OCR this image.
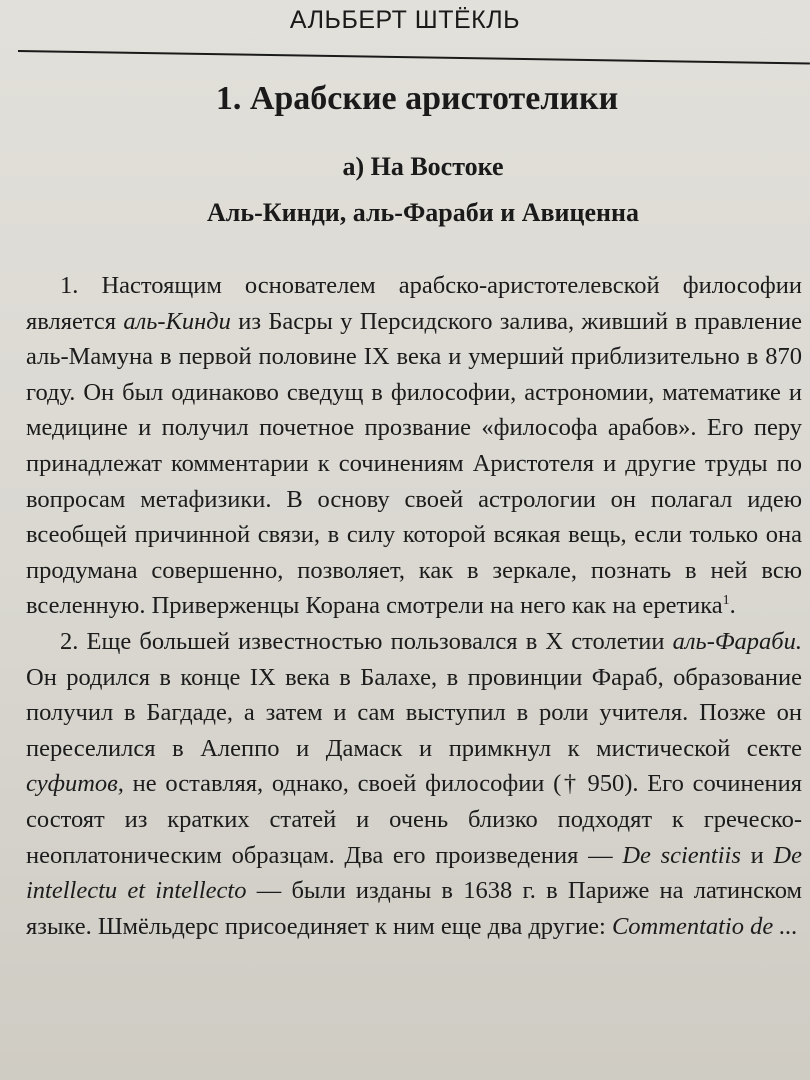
АЛЬБЕРТ ШТЁКЛЬ
1. Арабские аристотелики
а) На Востоке
Аль-Кинди, аль-Фараби и Авиценна

1. Настоящим основателем арабско-аристотелевской философии является аль-Кинди из Басры у Персидского залива, живший в правление аль-Мамуна в первой половине IX века и умерший приблизительно в 870 году. Он был одинаково сведущ в философии, астрономии, математике и медицине и получил почетное прозвание «философа арабов». Его перу принадлежат комментарии к сочинениям Аристотеля и другие труды по вопросам метафизики. В основу своей астрологии он полагал идею всеобщей причинной связи, в силу которой всякая вещь, если только она продумана совершенно, позволяет, как в зеркале, познать в ней всю вселенную. Приверженцы Корана смотрели на него как на еретика$^1$.

2. Еще большей известностью пользовался в X столетии аль-Фараби. Он родился в конце IX века в Балахе, в провинции Фараб, образование получил в Багдаде, а затем и сам выступил в роли учителя. Позже он переселился в Алеппо и Дамаск и примкнул к мистической секте суфитов, не оставляя, однако, своей философии († 950). Его сочинения состоят из кратких статей и очень близко подходят к греческо-неоплатоническим образцам. Два его произведения — De scientiis и De intellectu et intellecto — были изданы в 1638 г. в Париже на латинском языке. Шмёльдерс присоединяет к ним еще два другие: Commentatio de ...
